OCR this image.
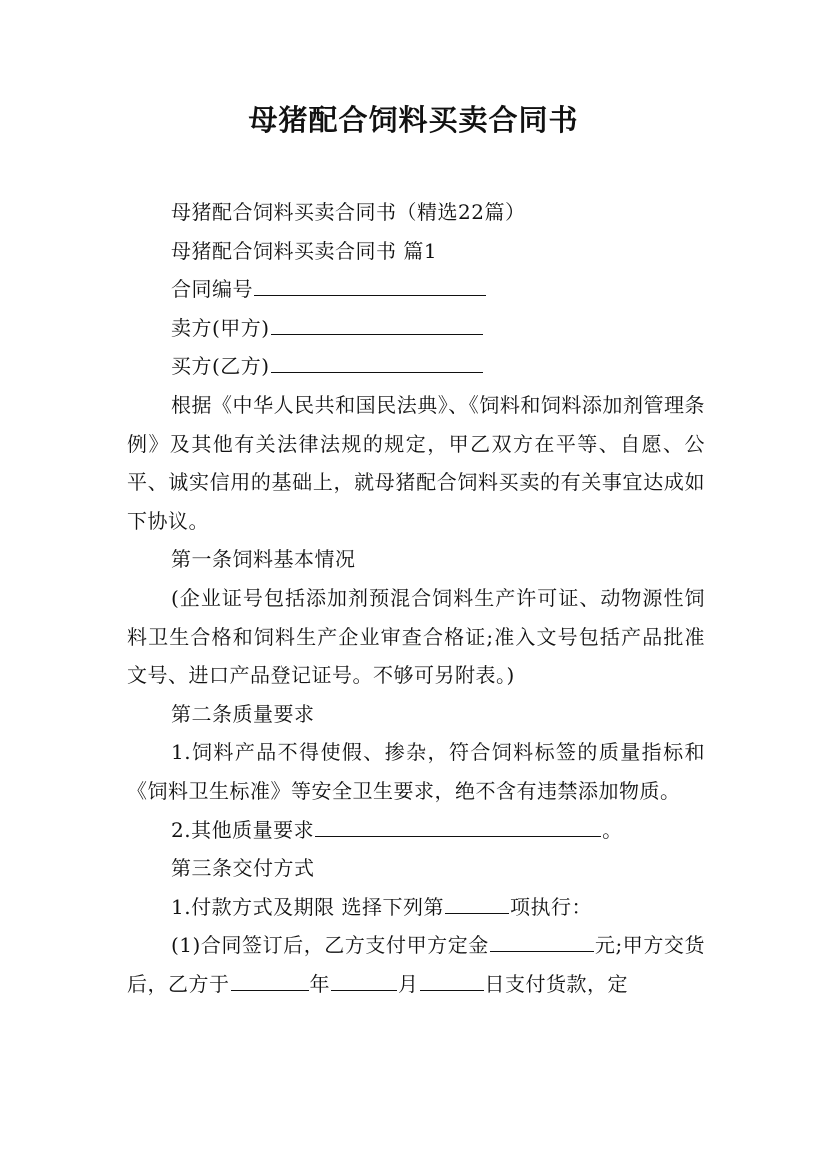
母猪配合饲料买卖合同书

母猪配合饲料买卖合同书（精选22篇）

母猪配合饲料买卖合同书 篇1

合同编号

卖方(甲方)

买方(乙方)

根据《中华人民共和国民法典》、《饲料和饲料添加剂管理条例》及其他有关法律法规的规定，甲乙双方在平等、自愿、公平、诚实信用的基础上，就母猪配合饲料买卖的有关事宜达成如下协议。

第一条饲料基本情况

(企业证号包括添加剂预混合饲料生产许可证、动物源性饲料卫生合格和饲料生产企业审查合格证;准入文号包括产品批准文号、进口产品登记证号。不够可另附表。)

第二条质量要求

1.饲料产品不得使假、掺杂，符合饲料标签的质量指标和《饲料卫生标准》等安全卫生要求，绝不含有违禁添加物质。

2.其他质量要求	。

第三条交付方式

1.付款方式及期限 选择下列第	项执行：

(1)合同签订后，乙方支付甲方定金	元;甲方交货后，乙方于	年	月	日支付货款，定
